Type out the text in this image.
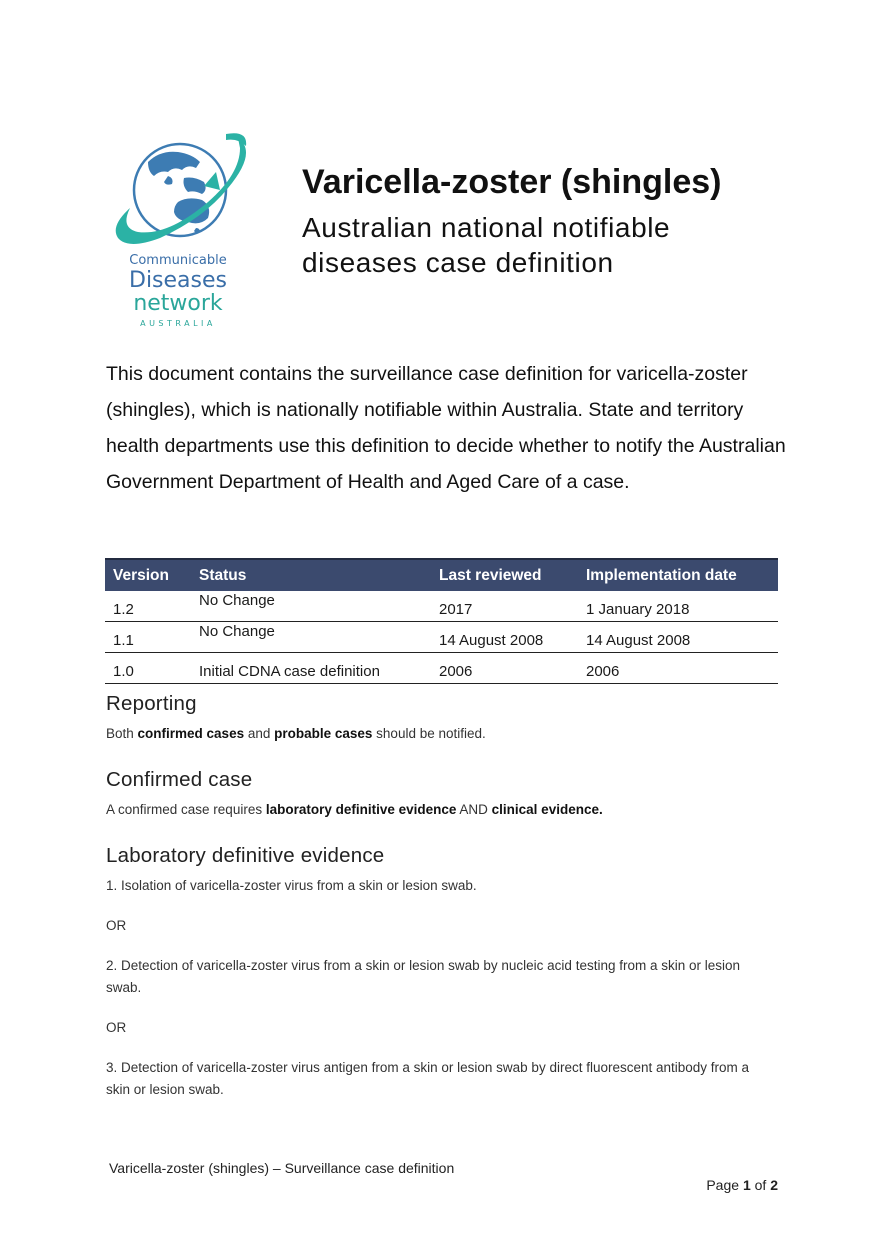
Communicable
Diseases
network
AUSTRALIA
Varicella-zoster (shingles)
Australian national notifiable
diseases case definition

This document contains the surveillance case definition for varicella-zoster (shingles), which is nationally notifiable within Australia. State and territory health departments use this definition to decide whether to notify the Australian Government Department of Health and Aged Care of a case.

Version	Status	Last reviewed	Implementation date
1.2	No Change	2017	1 January 2018
1.1	No Change	14 August 2008	14 August 2008
1.0	Initial CDNA case definition	2006	2006
Reporting

Both confirmed cases and probable cases should be notified.

Confirmed case

A confirmed case requires laboratory definitive evidence AND clinical evidence.

Laboratory definitive evidence

1. Isolation of varicella-zoster virus from a skin or lesion swab.

OR

2. Detection of varicella-zoster virus from a skin or lesion swab by nucleic acid testing from a skin or lesion swab.

OR

3. Detection of varicella-zoster virus antigen from a skin or lesion swab by direct fluorescent antibody from a skin or lesion swab.

Varicella-zoster (shingles) – Surveillance case definition
Page 1 of 2
